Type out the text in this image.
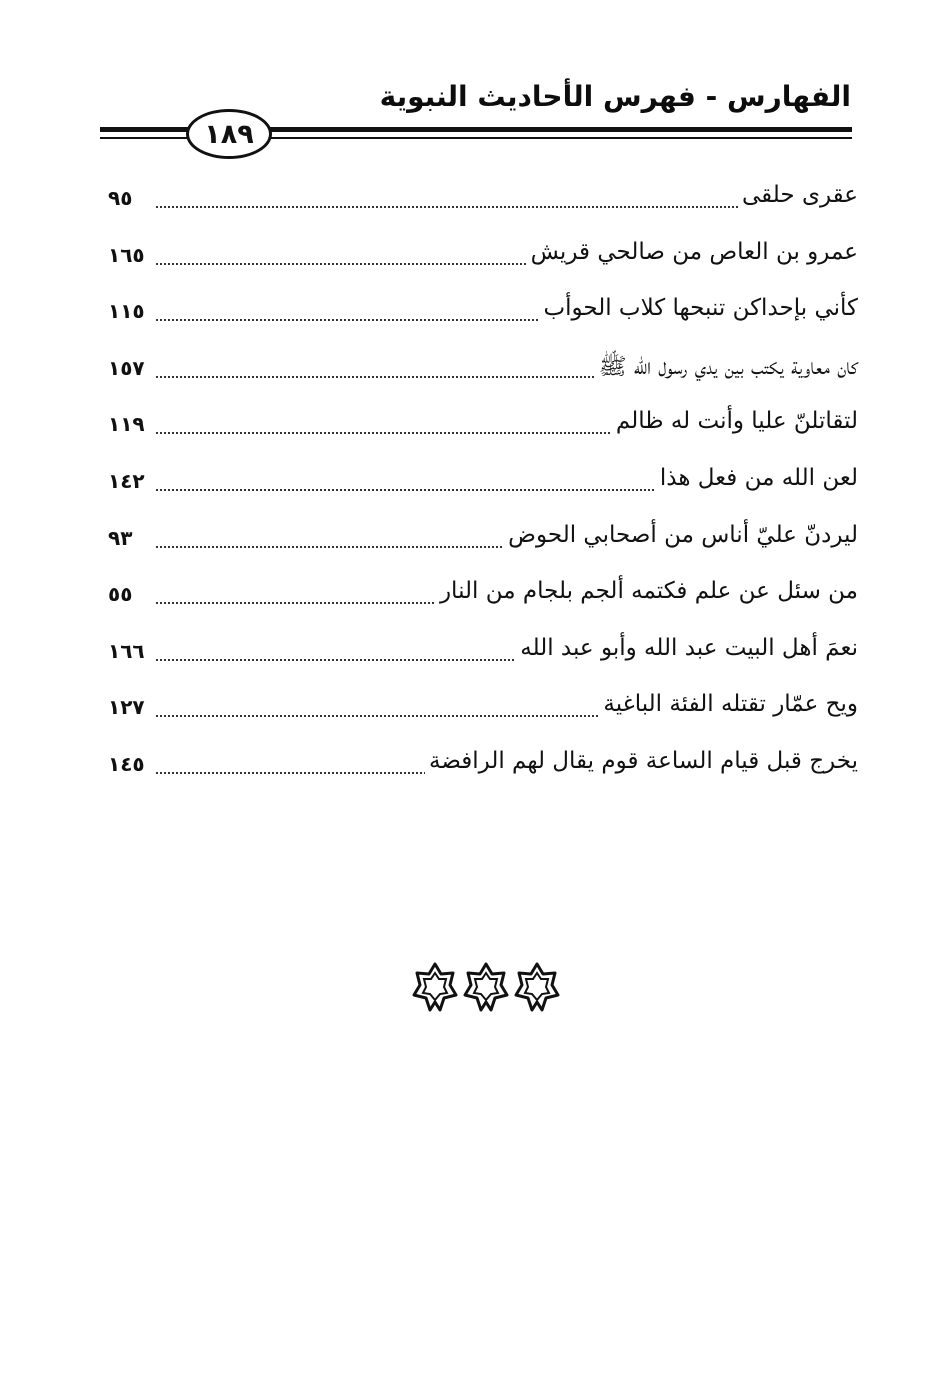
الفهارس - فهرس الأحاديث النبوية
١٨٩
عقرى حلقى
٩٥
عمرو بن العاص من صالحي قريش
١٦٥
كأني بإحداكن تنبحها كلاب الحوأب
١١٥
كان معاوية يكتب بين يدي رسول الله ﷺ
١٥٧
لتقاتلنّ عليا وأنت له ظالم
١١٩
لعن الله من فعل هذا
١٤٢
ليردنّ عليّ أناس من أصحابي الحوض
٩٣
من سئل عن علم فكتمه ألجم بلجام من النار
٥٥
نعمَ أهل البيت عبد الله وأبو عبد الله
١٦٦
ويح عمّار تقتله الفئة الباغية
١٢٧
يخرج قبل قيام الساعة قوم يقال لهم الرافضة
١٤٥
